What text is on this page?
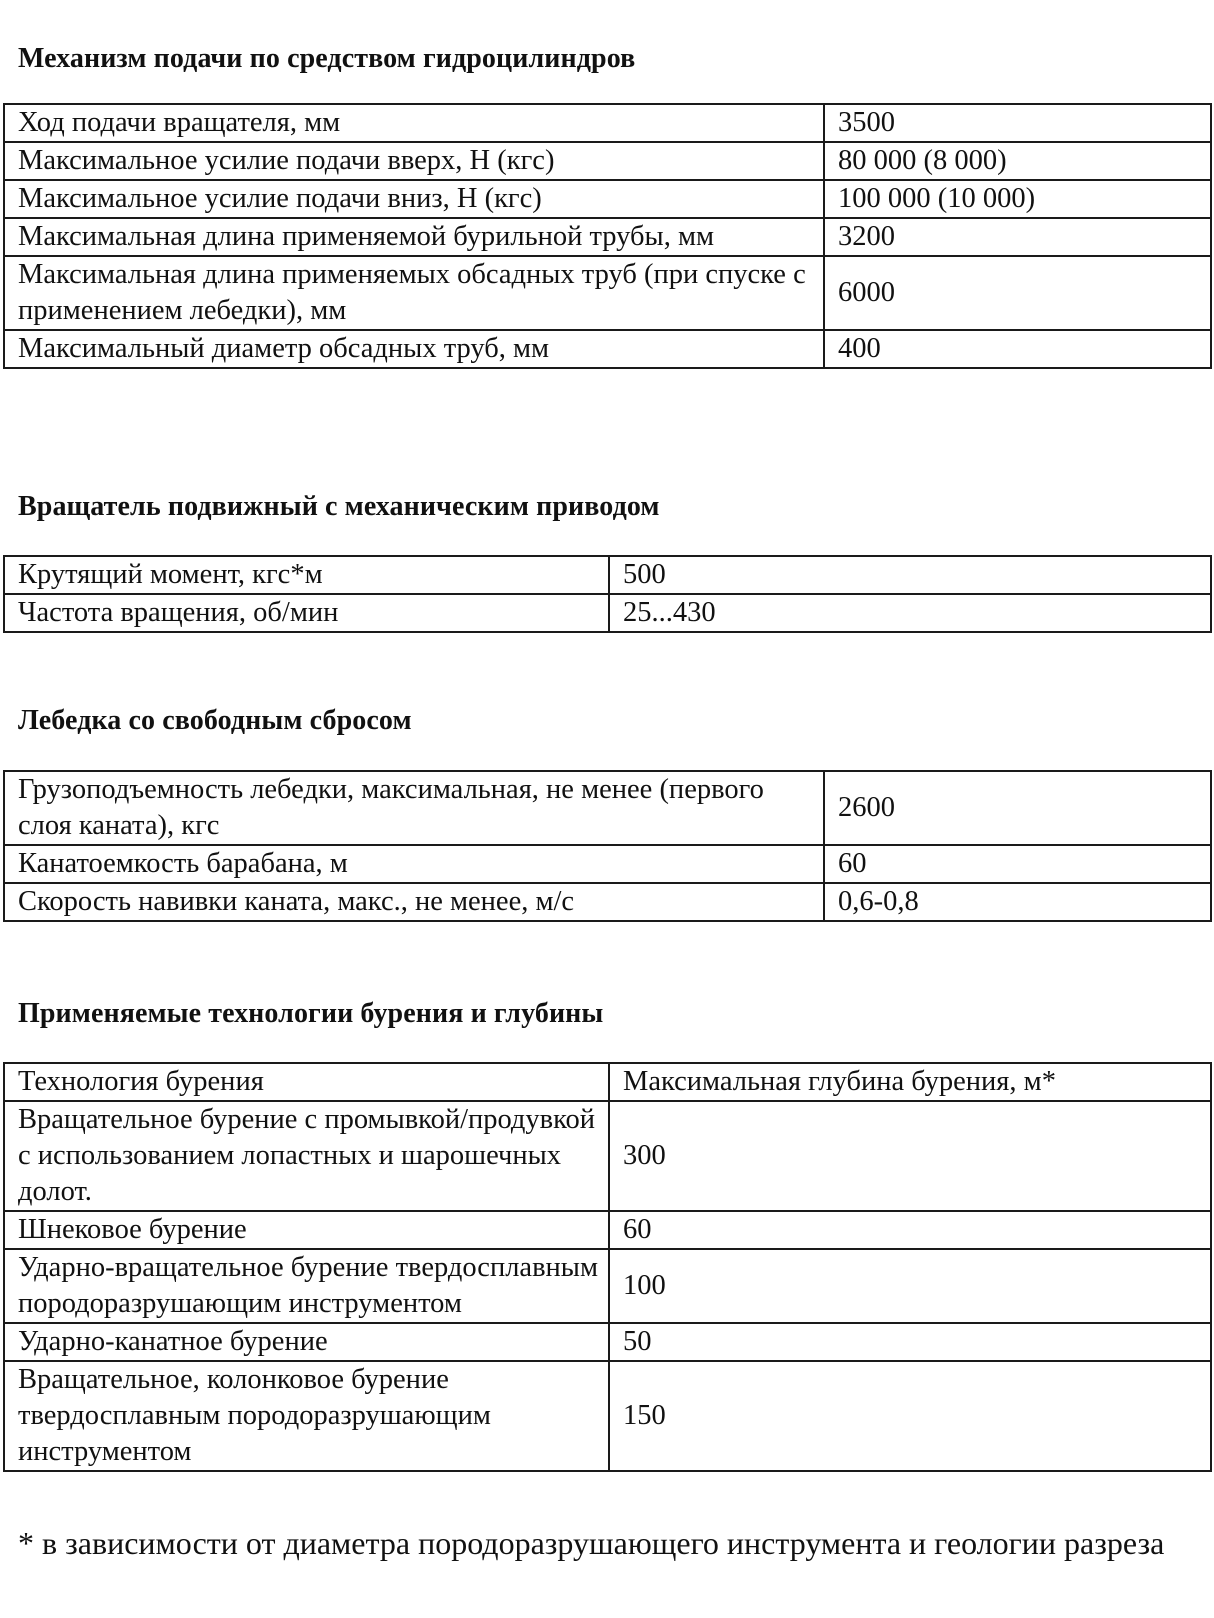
Механизм подачи по средством гидроцилиндров
Ход подачи вращателя, мм	3500
Максимальное усилие подачи вверх, Н (кгс)	80 000 (8 000)
Максимальное усилие подачи вниз, Н (кгс)	100 000 (10 000)
Максимальная длина применяемой бурильной трубы, мм	3200
Максимальная длина применяемых обсадных труб (при спуске с применением лебедки), мм	6000
Максимальный диаметр обсадных труб, мм	400
Вращатель подвижный с механическим приводом
Крутящий момент, кгс*м	500
Частота вращения, об/мин	25...430
Лебедка со свободным сбросом
Грузоподъемность лебедки, максимальная, не менее (первого слоя каната), кгс	2600
Канатоемкость барабана, м	60
Скорость навивки каната, макс., не менее, м/с	0,6-0,8
Применяемые технологии бурения и глубины
Технология бурения	Максимальная глубина бурения, м*
Вращательное бурение с промывкой/продувкой с использованием лопастных и шарошечных долот.	300
Шнековое бурение	60
Ударно-вращательное бурение твердосплавным породоразрушающим инструментом	100
Ударно-канатное бурение	50
Вращательное, колонковое бурение твердосплавным породоразрушающим инструментом	150
* в зависимости от диаметра породоразрушающего инструмента и геологии разреза
